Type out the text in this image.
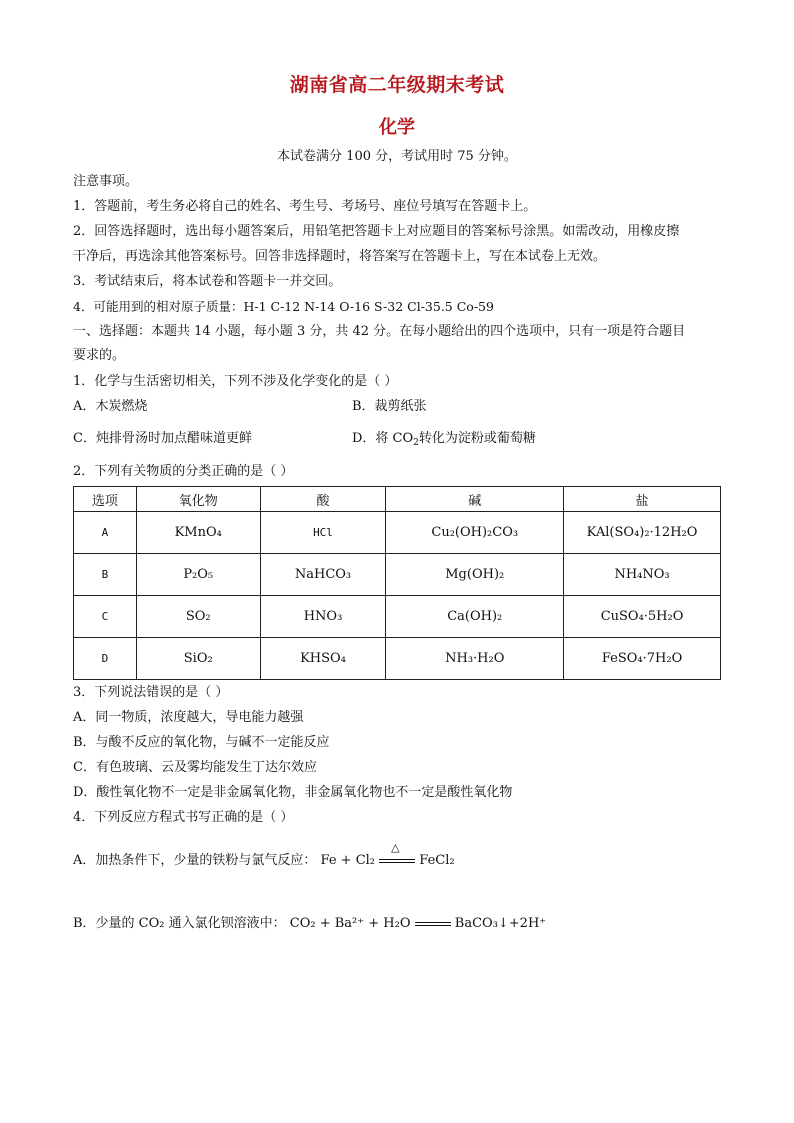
湖南省高二年级期末考试
化学
本试卷满分 100 分，考试用时 75 分钟。
注意事项。
1．答题前，考生务必将自己的姓名、考生号、考场号、座位号填写在答题卡上。
2．回答选择题时，选出每小题答案后，用铅笔把答题卡上对应题目的答案标号涂黑。如需改动，用橡皮擦
干净后，再选涂其他答案标号。回答非选择题时，将答案写在答题卡上，写在本试卷上无效。
3．考试结束后，将本试卷和答题卡一并交回。
4．可能用到的相对原子质量：H-1 C-12 N-14 O-16 S-32 Cl-35.5 Co-59
一、选择题：本题共 14 小题，每小题 3 分，共 42 分。在每小题给出的四个选项中，只有一项是符合题目
要求的。
1．化学与生活密切相关，下列不涉及化学变化的是（ ）
A．木炭燃烧	B．裁剪纸张
C．炖排骨汤时加点醋味道更鲜	D．将 $CO_2$转化为淀粉或葡萄糖
2．下列有关物质的分类正确的是（ ）
选项	氧化物	酸	碱	盐
A	KMnO₄	HCl	Cu₂(OH)₂CO₃	KAl(SO₄)₂·12H₂O
B	P₂O₅	NaHCO₃	Mg(OH)₂	NH₄NO₃
C	SO₂	HNO₃	Ca(OH)₂	CuSO₄·5H₂O
D	SiO₂	KHSO₄	NH₃·H₂O	FeSO₄·7H₂O
3．下列说法错误的是（ ）
A．同一物质，浓度越大，导电能力越强
B．与酸不反应的氧化物，与碱不一定能反应
C．有色玻璃、云及雾均能发生丁达尔效应
D．酸性氧化物不一定是非金属氧化物，非金属氧化物也不一定是酸性氧化物
4．下列反应方程式书写正确的是（ ）
A．加热条件下，少量的铁粉与氯气反应： Fe + Cl₂
△
FeCl₂
B．少量的 CO₂ 通入氯化钡溶液中： CO₂ + Ba²⁺ + H₂O	BaCO₃↓+2H⁺
